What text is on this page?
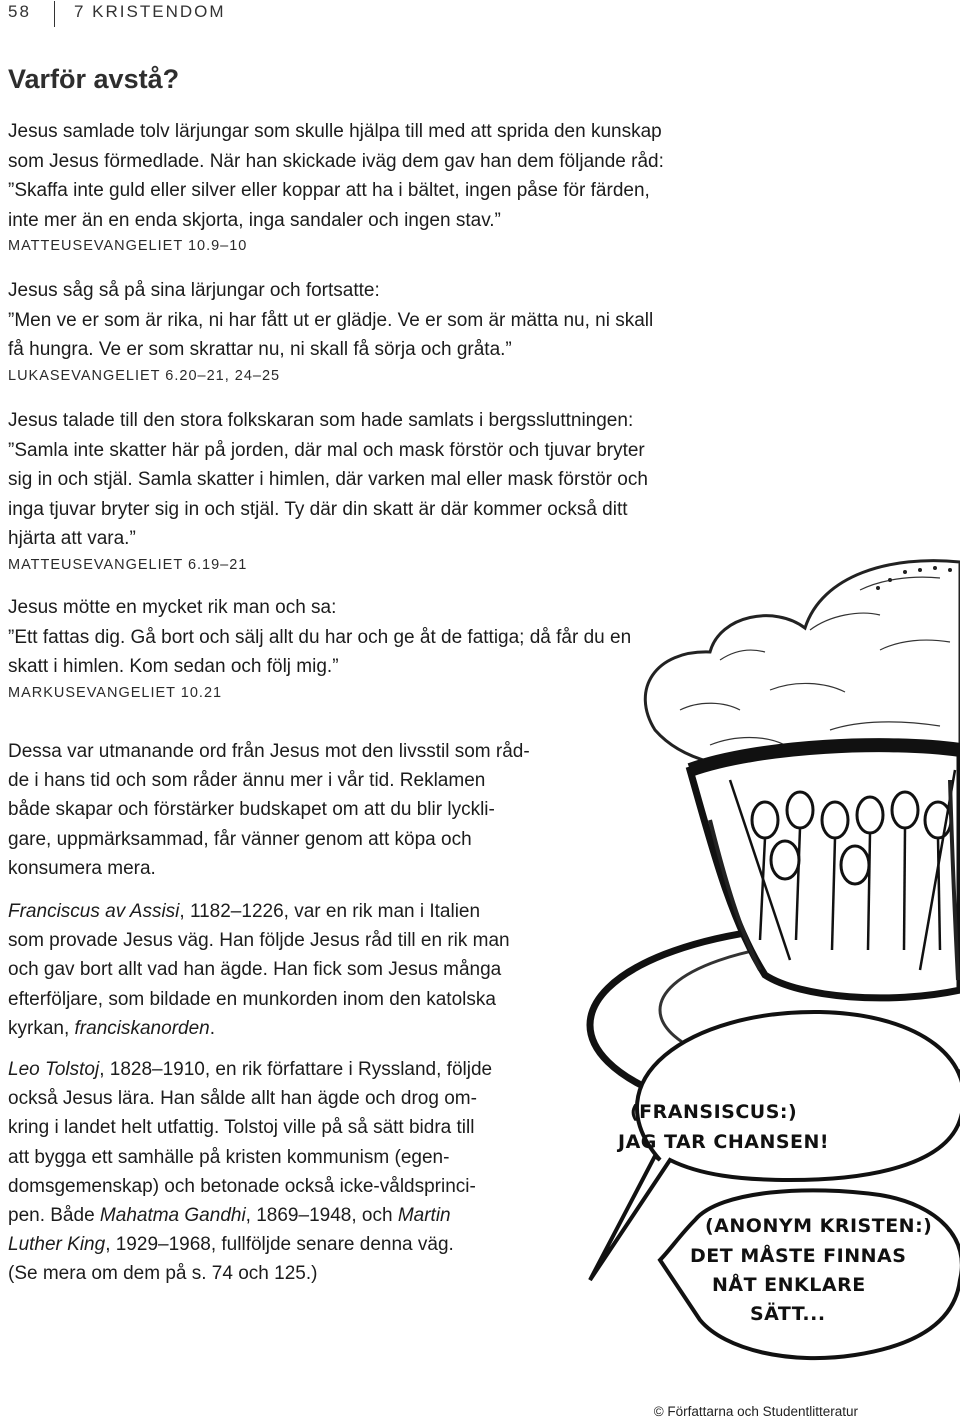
58	7 KRISTENDOM
Varför avstå?

Jesus samlade tolv lärjungar som skulle hjälpa till med att sprida den kunskap

som Jesus förmedlade. När han skickade iväg dem gav han dem följande råd:

”Skaffa inte guld eller silver eller koppar att ha i bältet, ingen påse för färden,

inte mer än en enda skjorta, inga sandaler och ingen stav.”

MATTEUSEVANGELIET 10.9–10

Jesus såg så på sina lärjungar och fortsatte:

”Men ve er som är rika, ni har fått ut er glädje. Ve er som är mätta nu, ni skall

få hungra. Ve er som skrattar nu, ni skall få sörja och gråta.”

LUKASEVANGELIET 6.20–21, 24–25

Jesus talade till den stora folkskaran som hade samlats i bergssluttningen:

”Samla inte skatter här på jorden, där mal och mask förstör och tjuvar bryter

sig in och stjäl. Samla skatter i himlen, där varken mal eller mask förstör och

inga tjuvar bryter sig in och stjäl. Ty där din skatt är där kommer också ditt

hjärta att vara.”

MATTEUSEVANGELIET 6.19–21

Jesus mötte en mycket rik man och sa:

”Ett fattas dig. Gå bort och sälj allt du har och ge åt de fattiga; då får du en

skatt i himlen. Kom sedan och följ mig.”

MARKUSEVANGELIET 10.21

Dessa var utmanande ord från Jesus mot den livsstil som råd-

de i hans tid och som råder ännu mer i vår tid. Reklamen

både skapar och förstärker budskapet om att du blir lyckli-

gare, uppmärksammad, får vänner genom att köpa och

konsumera mera.

Franciscus av Assisi, 1182–1226, var en rik man i Italien

som provade Jesus väg. Han följde Jesus råd till en rik man

och gav bort allt vad han ägde. Han fick som Jesus många

efterföljare, som bildade en munkorden inom den katolska

kyrkan, franciskanorden.

Leo Tolstoj, 1828–1910, en rik författare i Ryssland, följde

också Jesus lära. Han sålde allt han ägde och drog om-

kring i landet helt utfattig. Tolstoj ville på så sätt bidra till

att bygga ett samhälle på kristen kommunism (egen-

domsgemenskap) och betonade också icke-våldsprinci-

pen. Både Mahatma Gandhi, 1869–1948, och Martin

Luther King, 1929–1968, fullföljde senare denna väg.

(Se mera om dem på s. 74 och 125.)

(FRANSISCUS:)
JAG TAR CHANSEN!
(ANONYM KRISTEN:)
DET MÅSTE FINNAS
NÅT ENKLARE
SÄTT...
© Författarna och Studentlitteratur
